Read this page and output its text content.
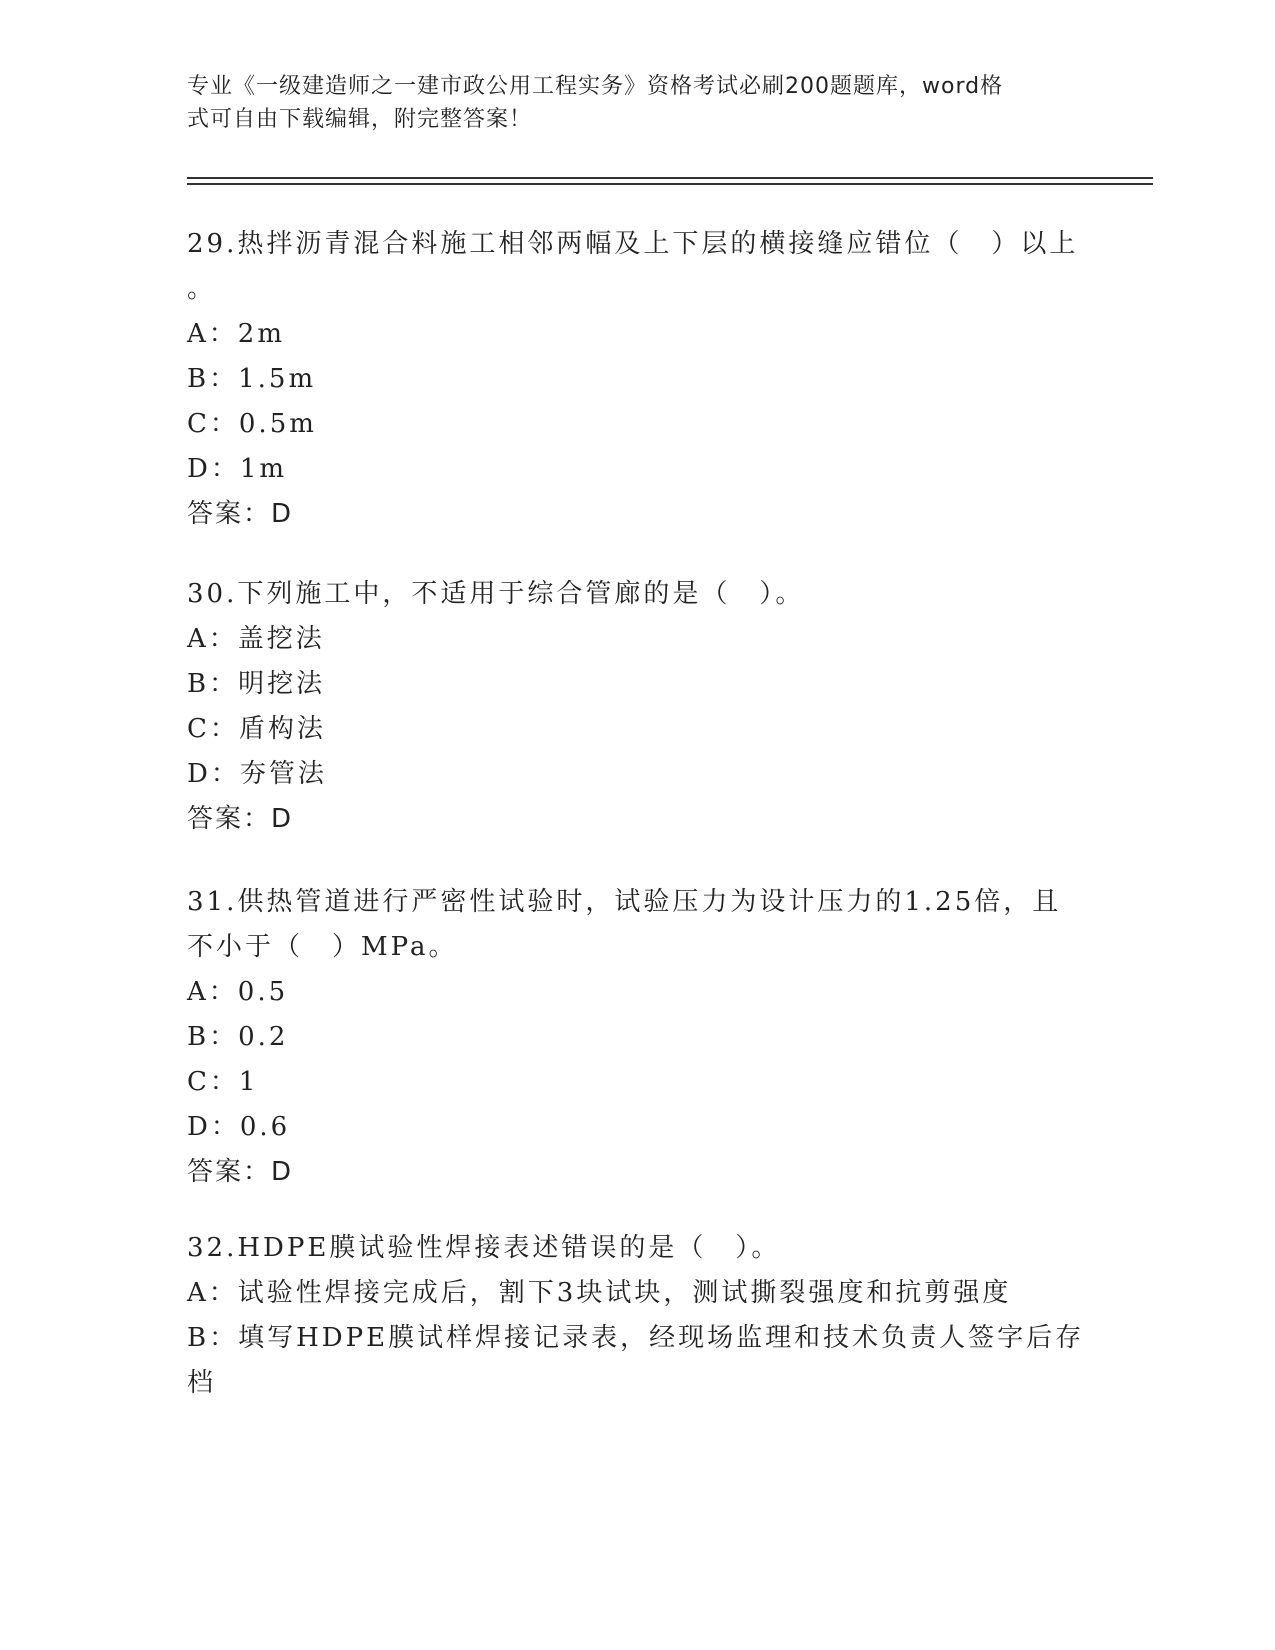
专业《一级建造师之一建市政公用工程实务》资格考试必刷200题题库，word格
式可自由下载编辑，附完整答案！

29.热拌沥青混合料施工相邻两幅及上下层的横接缝应错位（　）以上

。

A：2m

B：1.5m

C：0.5m

D：1m

答案：D

30.下列施工中，不适用于综合管廊的是（　）。

A：盖挖法

B：明挖法

C：盾构法

D：夯管法

答案：D

31.供热管道进行严密性试验时，试验压力为设计压力的1.25倍，且

不小于（　）MPa。

A：0.5

B：0.2

C：1

D：0.6

答案：D

32.HDPE膜试验性焊接表述错误的是（　）。

A：试验性焊接完成后，割下3块试块，测试撕裂强度和抗剪强度

B：填写HDPE膜试样焊接记录表，经现场监理和技术负责人签字后存

档
